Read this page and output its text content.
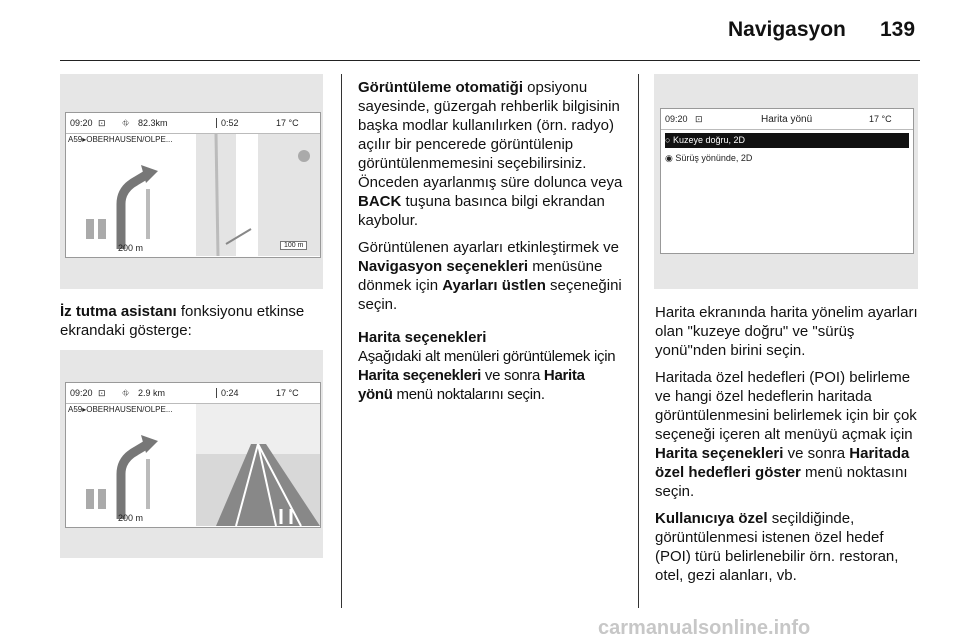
Navigasyon 139
09:20 ⊡ ⛗ 82.3km	0:52	17 °C
A59▸OBERHAUSEN/OLPE...
200 m	100 m
İz tutma asistanı fonksiyonu etkinse ekrandaki gösterge:
09:20 ⊡ ⛗ 2.9 km	0:24	17 °C
A59▸OBERHAUSEN/OLPE...
200 m

Görüntüleme otomatiği opsiyonu sayesinde, güzergah rehberlik bilgisinin başka modlar kullanılırken (örn. radyo) açılır bir pencerede görüntülenip görüntülenmemesini seçebilirsiniz. Önceden ayarlanmış süre dolunca veya BACK tuşuna basınca bilgi ekrandan kaybolur.

Görüntülenen ayarları etkinleştirmek ve Navigasyon seçenekleri menüsüne dönmek için Ayarları üstlen seçeneğini seçin.

Harita seçenekleri

Aşağıdaki alt menüleri görüntülemek için Harita seçenekleri ve sonra Harita yönü menü noktalarını seçin.

09:20 ⊡	Harita yönü	17 °C
○ Kuzeye doğru, 2D
◉ Sürüş yönünde, 2D

Harita ekranında harita yönelim ayarları olan "kuzeye doğru" ve "sürüş yonü"nden birini seçin.

Haritada özel hedefleri (POI) belirleme ve hangi özel hedeflerin haritada görüntülenmesini belirlemek için bir çok seçeneği içeren alt menüyü açmak için Harita seçenekleri ve sonra Haritada özel hedefleri göster menü noktasını seçin.

Kullanıcıya özel seçildiğinde, görüntülenmesi istenen özel hedef (POI) türü belirlenebilir örn. restoran, otel, gezi alanları, vb.

carmanualsonline.info
